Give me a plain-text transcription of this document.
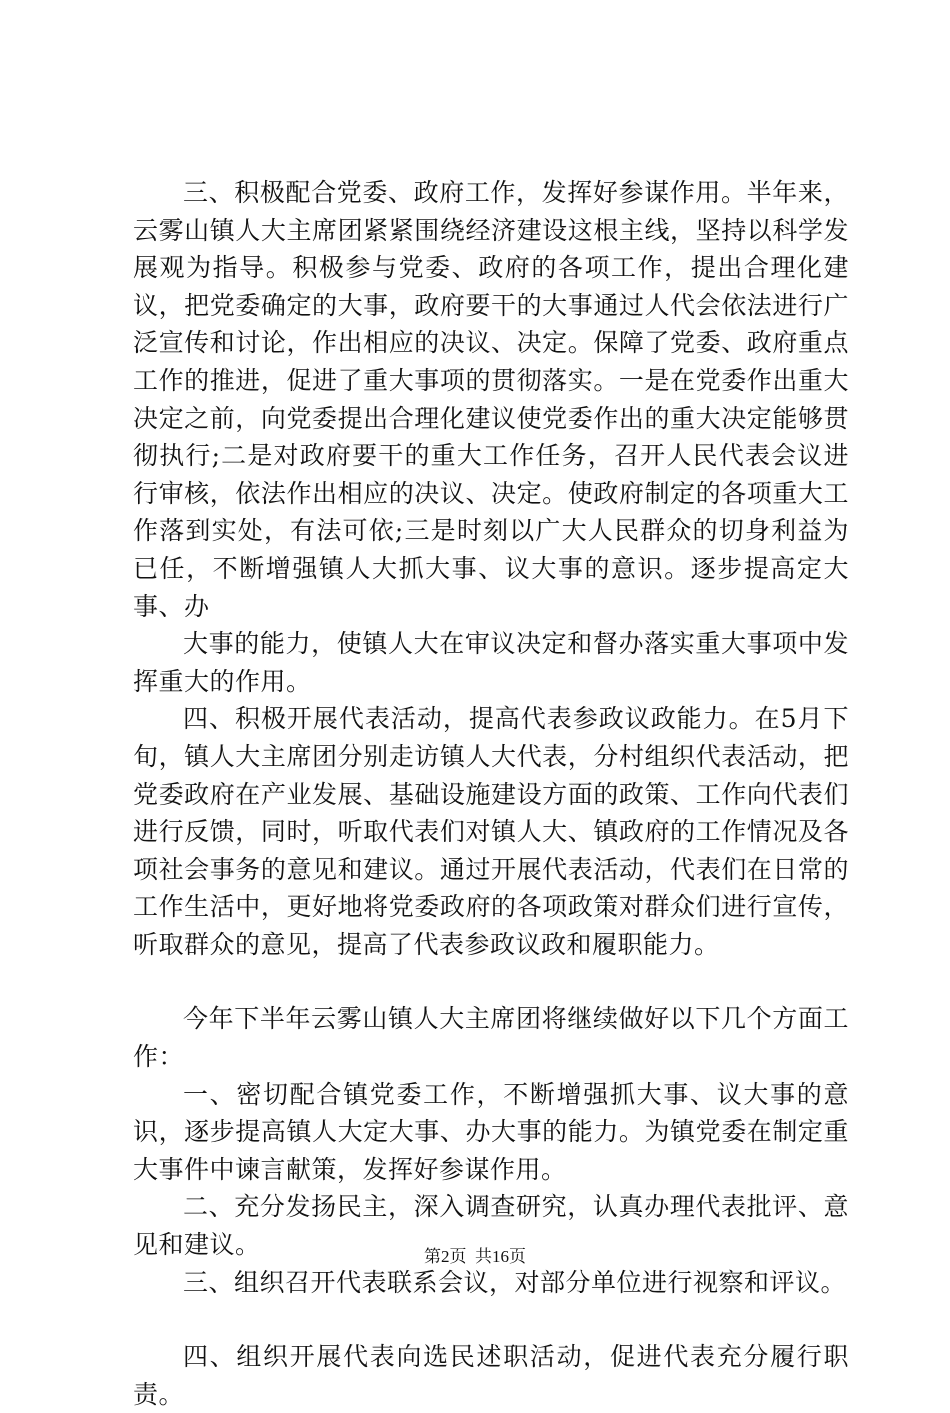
三、积极配合党委、政府工作，发挥好参谋作用。半年来，云雾山镇人大主席团紧紧围绕经济建设这根主线，坚持以科学发展观为指导。积极参与党委、政府的各项工作，提出合理化建议，把党委确定的大事，政府要干的大事通过人代会依法进行广泛宣传和讨论，作出相应的决议、决定。保障了党委、政府重点工作的推进，促进了重大事项的贯彻落实。一是在党委作出重大决定之前，向党委提出合理化建议使党委作出的重大决定能够贯彻执行;二是对政府要干的重大工作任务，召开人民代表会议进行审核，依法作出相应的决议、决定。使政府制定的各项重大工作落到实处，有法可依;三是时刻以广大人民群众的切身利益为已任，不断增强镇人大抓大事、议大事的意识。逐步提高定大事、办

大事的能力，使镇人大在审议决定和督办落实重大事项中发挥重大的作用。

四、积极开展代表活动，提高代表参政议政能力。在5月下旬，镇人大主席团分别走访镇人大代表，分村组织代表活动，把党委政府在产业发展、基础设施建设方面的政策、工作向代表们进行反馈，同时，听取代表们对镇人大、镇政府的工作情况及各项社会事务的意见和建议。通过开展代表活动，代表们在日常的工作生活中，更好地将党委政府的各项政策对群众们进行宣传，听取群众的意见，提高了代表参政议政和履职能力。

今年下半年云雾山镇人大主席团将继续做好以下几个方面工作：

一、密切配合镇党委工作，不断增强抓大事、议大事的意识，逐步提高镇人大定大事、办大事的能力。为镇党委在制定重大事件中谏言献策，发挥好参谋作用。

二、充分发扬民主，深入调查研究，认真办理代表批评、意见和建议。

三、组织召开代表联系会议，对部分单位进行视察和评议。

四、组织开展代表向选民述职活动，促进代表充分履行职责。

第2页  共16页
